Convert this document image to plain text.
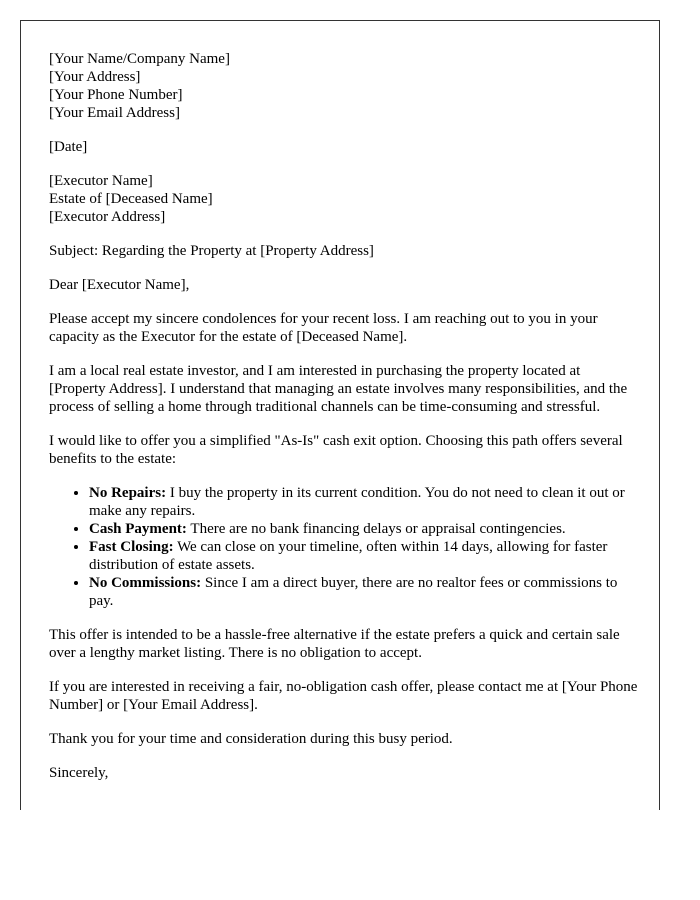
[Your Name/Company Name]
[Your Address]
[Your Phone Number]
[Your Email Address]

[Date]

[Executor Name]
Estate of [Deceased Name]
[Executor Address]

Subject: Regarding the Property at [Property Address]

Dear [Executor Name],

Please accept my sincere condolences for your recent loss. I am reaching out to you in your capacity as the Executor for the estate of [Deceased Name].

I am a local real estate investor, and I am interested in purchasing the property located at [Property Address]. I understand that managing an estate involves many responsibilities, and the process of selling a home through traditional channels can be time-consuming and stressful.

I would like to offer you a simplified "As-Is" cash exit option. Choosing this path offers several benefits to the estate:

• No Repairs: I buy the property in its current condition. You do not need to clean it out or make any repairs.
• Cash Payment: There are no bank financing delays or appraisal contingencies.
• Fast Closing: We can close on your timeline, often within 14 days, allowing for faster distribution of estate assets.
• No Commissions: Since I am a direct buyer, there are no realtor fees or commissions to pay.

This offer is intended to be a hassle-free alternative if the estate prefers a quick and certain sale over a lengthy market listing. There is no obligation to accept.

If you are interested in receiving a fair, no-obligation cash offer, please contact me at [Your Phone Number] or [Your Email Address].

Thank you for your time and consideration during this busy period.

Sincerely,
